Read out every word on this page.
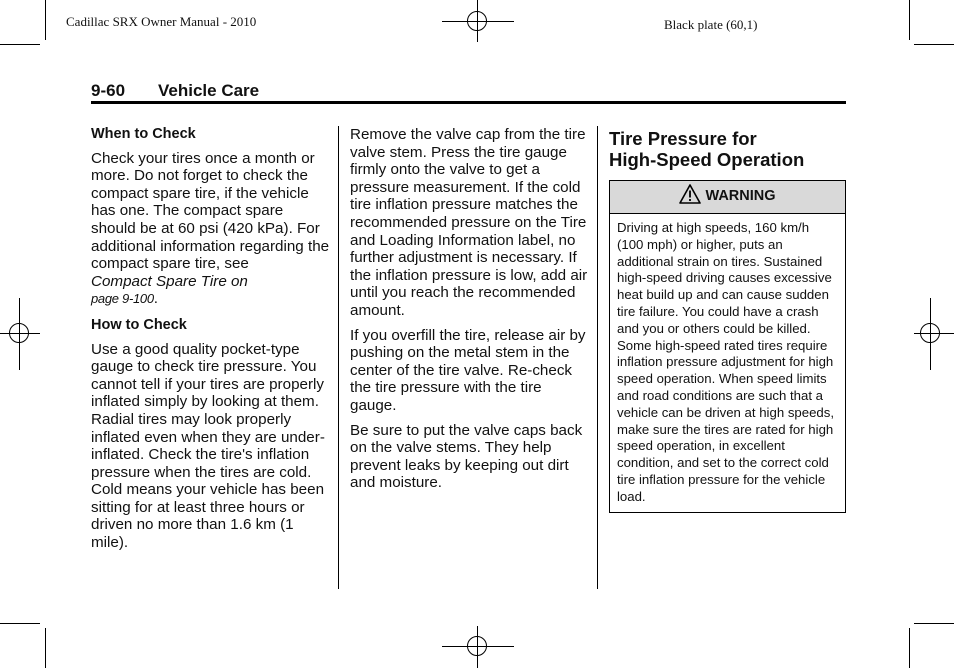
Cadillac SRX Owner Manual - 2010	Black plate (60,1)
9-60 Vehicle Care

When to Check

Check your tires once a month or more. Do not forget to check the compact spare tire, if the vehicle has one. The compact spare should be at 60 psi (420 kPa). For additional information regarding the compact spare tire, see
Compact Spare Tire on
page 9-100.

How to Check

Use a good quality pocket-type gauge to check tire pressure. You cannot tell if your tires are properly inflated simply by looking at them. Radial tires may look properly inflated even when they are under-inflated. Check the tire's inflation pressure when the tires are cold. Cold means your vehicle has been sitting for at least three hours or driven no more than 1.6 km (1 mile).

Remove the valve cap from the tire valve stem. Press the tire gauge firmly onto the valve to get a pressure measurement. If the cold tire inflation pressure matches the recommended pressure on the Tire and Loading Information label, no further adjustment is necessary. If the inflation pressure is low, add air until you reach the recommended amount.

If you overfill the tire, release air by pushing on the metal stem in the center of the tire valve. Re-check the tire pressure with the tire gauge.

Be sure to put the valve caps back on the valve stems. They help prevent leaks by keeping out dirt and moisture.

Tire Pressure for
High-Speed Operation
WARNING
Driving at high speeds, 160 km/h (100 mph) or higher, puts an additional strain on tires. Sustained high-speed driving causes excessive heat build up and can cause sudden tire failure. You could have a crash and you or others could be killed. Some high-speed rated tires require inflation pressure adjustment for high speed operation. When speed limits and road conditions are such that a vehicle can be driven at high speeds, make sure the tires are rated for high speed operation, in excellent condition, and set to the correct cold tire inflation pressure for the vehicle load.
